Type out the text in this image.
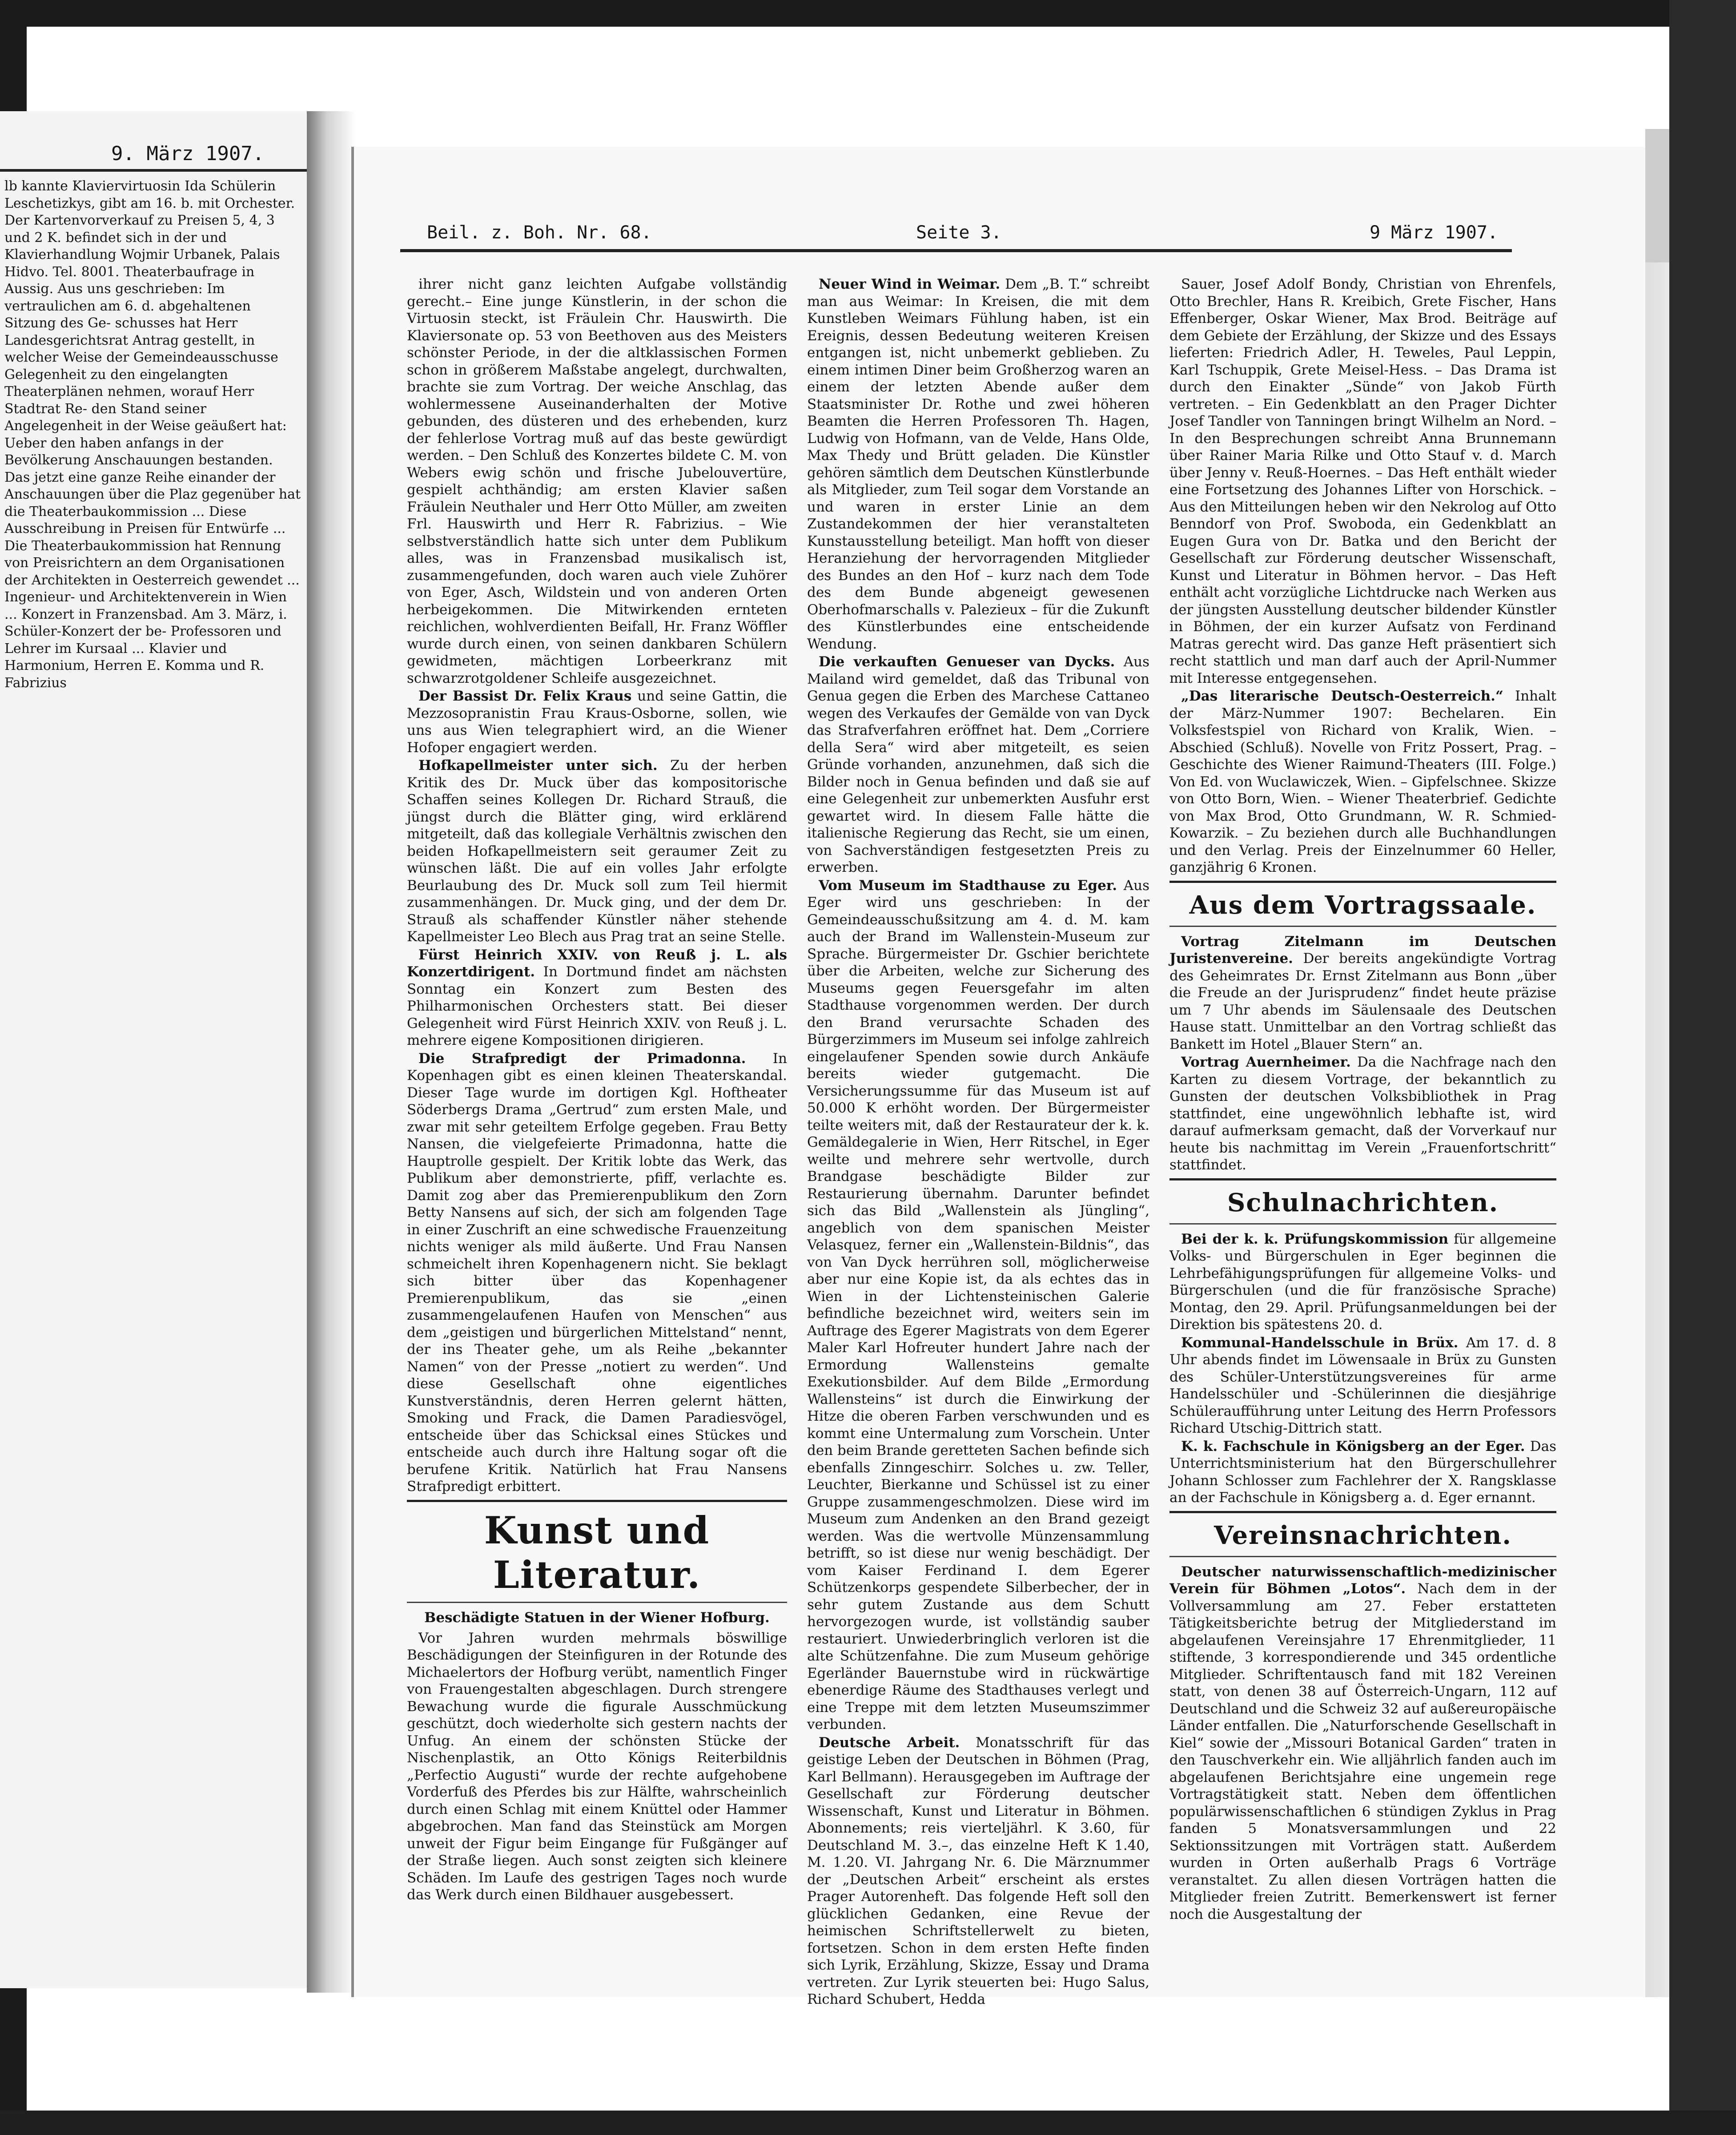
9. März 1907.
lb kannte Klaviervirtuosin Ida Schülerin Leschetizkys, gibt am 16. b. mit Orchester. Der Kartenvorverkauf zu Preisen 5, 4, 3 und 2 K. befindet sich in der und Klavierhandlung Wojmir Urbanek, Palais Hidvo. Tel. 8001. Theaterbaufrage in Aussig. Aus uns geschrieben: Im vertraulichen am 6. d. abgehaltenen Sitzung des Ge- schusses hat Herr Landesgerichtsrat Antrag gestellt, in welcher Weise der Gemeindeausschusse Gelegenheit zu den eingelangten Theaterplänen nehmen, worauf Herr Stadtrat Re- den Stand seiner Angelegenheit in der Weise geäußert hat: Ueber den haben anfangs in der Bevölkerung Anschauungen bestanden. Das jetzt eine ganze Reihe einander der Anschauungen über die Plaz gegenüber hat die Theaterbaukommission ... Diese Ausschreibung in Preisen für Entwürfe ... Die Theaterbaukommission hat Rennung von Preisrichtern an dem Organisationen der Architekten in Oesterreich gewendet ... Ingenieur- und Architektenverein in Wien ... Konzert in Franzensbad. Am 3. März, i. Schüler-Konzert der be- Professoren und Lehrer im Kursaal ... Klavier und Harmonium, Herren E. Komma und R. Fabrizius
Beil. z. Boh. Nr. 68.	Seite 3.	9 März 1907.

ihrer nicht ganz leichten Aufgabe vollständig gerecht.– Eine junge Künstlerin, in der schon die Virtuosin steckt, ist Fräulein Chr. Hauswirth. Die Klaviersonate op. 53 von Beethoven aus des Meisters schönster Periode, in der die altklassischen Formen schon in größerem Maßstabe angelegt, durchwalten, brachte sie zum Vortrag. Der weiche Anschlag, das wohlermessene Auseinanderhalten der Motive gebunden, des düsteren und des erhebenden, kurz der fehlerlose Vortrag muß auf das beste gewürdigt werden. – Den Schluß des Konzertes bildete C. M. von Webers ewig schön und frische Jubelouvertüre, gespielt achthändig; am ersten Klavier saßen Fräulein Neuthaler und Herr Otto Müller, am zweiten Frl. Hauswirth und Herr R. Fabrizius. – Wie selbstverständlich hatte sich unter dem Publikum alles, was in Franzensbad musikalisch ist, zusammengefunden, doch waren auch viele Zuhörer von Eger, Asch, Wildstein und von anderen Orten herbeigekommen. Die Mitwirkenden ernteten reichlichen, wohlverdienten Beifall, Hr. Franz Wöffler wurde durch einen, von seinen dankbaren Schülern gewidmeten, mächtigen Lorbeerkranz mit schwarzrotgoldener Schleife ausgezeichnet.

Der Bassist Dr. Felix Kraus und seine Gattin, die Mezzosopranistin Frau Kraus-Osborne, sollen, wie uns aus Wien telegraphiert wird, an die Wiener Hofoper engagiert werden.

Hofkapellmeister unter sich. Zu der herben Kritik des Dr. Muck über das kompositorische Schaffen seines Kollegen Dr. Richard Strauß, die jüngst durch die Blätter ging, wird erklärend mitgeteilt, daß das kollegiale Verhältnis zwischen den beiden Hofkapellmeistern seit geraumer Zeit zu wünschen läßt. Die auf ein volles Jahr erfolgte Beurlaubung des Dr. Muck soll zum Teil hiermit zusammenhängen. Dr. Muck ging, und der dem Dr. Strauß als schaffender Künstler näher stehende Kapellmeister Leo Blech aus Prag trat an seine Stelle.

Fürst Heinrich XXIV. von Reuß j. L. als Konzertdirigent. In Dortmund findet am nächsten Sonntag ein Konzert zum Besten des Philharmonischen Orchesters statt. Bei dieser Gelegenheit wird Fürst Heinrich XXIV. von Reuß j. L. mehrere eigene Kompositionen dirigieren.

Die Strafpredigt der Primadonna. In Kopenhagen gibt es einen kleinen Theaterskandal. Dieser Tage wurde im dortigen Kgl. Hoftheater Söderbergs Drama „Gertrud“ zum ersten Male, und zwar mit sehr geteiltem Erfolge gegeben. Frau Betty Nansen, die vielgefeierte Primadonna, hatte die Hauptrolle gespielt. Der Kritik lobte das Werk, das Publikum aber demonstrierte, pfiff, verlachte es. Damit zog aber das Premierenpublikum den Zorn Betty Nansens auf sich, der sich am folgenden Tage in einer Zuschrift an eine schwedische Frauenzeitung nichts weniger als mild äußerte. Und Frau Nansen schmeichelt ihren Kopenhagenern nicht. Sie beklagt sich bitter über das Kopenhagener Premierenpublikum, das sie „einen zusammengelaufenen Haufen von Menschen“ aus dem „geistigen und bürgerlichen Mittelstand“ nennt, der ins Theater gehe, um als Reihe „bekannter Namen“ von der Presse „notiert zu werden“. Und diese Gesellschaft ohne eigentliches Kunstverständnis, deren Herren gelernt hätten, Smoking und Frack, die Damen Paradiesvögel, entscheide über das Schicksal eines Stückes und entscheide auch durch ihre Haltung sogar oft die berufene Kritik. Natürlich hat Frau Nansens Strafpredigt erbittert.

Kunst und Literatur.
Beschädigte Statuen in der Wiener Hofburg.

Vor Jahren wurden mehrmals böswillige Beschädigungen der Steinfiguren in der Rotunde des Michaelertors der Hofburg verübt, namentlich Finger von Frauengestalten abgeschlagen. Durch strengere Bewachung wurde die figurale Ausschmückung geschützt, doch wiederholte sich gestern nachts der Unfug. An einem der schönsten Stücke der Nischenplastik, an Otto Königs Reiterbildnis „Perfectio Augusti“ wurde der rechte aufgehobene Vorderfuß des Pferdes bis zur Hälfte, wahrscheinlich durch einen Schlag mit einem Knüttel oder Hammer abgebrochen. Man fand das Steinstück am Morgen unweit der Figur beim Eingange für Fußgänger auf der Straße liegen. Auch sonst zeigten sich kleinere Schäden. Im Laufe des gestrigen Tages noch wurde das Werk durch einen Bildhauer ausgebessert.

Neuer Wind in Weimar. Dem „B. T.“ schreibt man aus Weimar: In Kreisen, die mit dem Kunstleben Weimars Fühlung haben, ist ein Ereignis, dessen Bedeutung weiteren Kreisen entgangen ist, nicht unbemerkt geblieben. Zu einem intimen Diner beim Großherzog waren an einem der letzten Abende außer dem Staatsminister Dr. Rothe und zwei höheren Beamten die Herren Professoren Th. Hagen, Ludwig von Hofmann, van de Velde, Hans Olde, Max Thedy und Brütt geladen. Die Künstler gehören sämtlich dem Deutschen Künstlerbunde als Mitglieder, zum Teil sogar dem Vorstande an und waren in erster Linie an dem Zustandekommen der hier veranstalteten Kunstausstellung beteiligt. Man hofft von dieser Heranziehung der hervorragenden Mitglieder des Bundes an den Hof – kurz nach dem Tode des dem Bunde abgeneigt gewesenen Oberhofmarschalls v. Palezieux – für die Zukunft des Künstlerbundes eine entscheidende Wendung.

Die verkauften Genueser van Dycks. Aus Mailand wird gemeldet, daß das Tribunal von Genua gegen die Erben des Marchese Cattaneo wegen des Verkaufes der Gemälde von van Dyck das Strafverfahren eröffnet hat. Dem „Corriere della Sera“ wird aber mitgeteilt, es seien Gründe vorhanden, anzunehmen, daß sich die Bilder noch in Genua befinden und daß sie auf eine Gelegenheit zur unbemerkten Ausfuhr erst gewartet wird. In diesem Falle hätte die italienische Regierung das Recht, sie um einen, von Sachverständigen festgesetzten Preis zu erwerben.

Vom Museum im Stadthause zu Eger. Aus Eger wird uns geschrieben: In der Gemeindeausschußsitzung am 4. d. M. kam auch der Brand im Wallenstein-Museum zur Sprache. Bürgermeister Dr. Gschier berichtete über die Arbeiten, welche zur Sicherung des Museums gegen Feuersgefahr im alten Stadthause vorgenommen werden. Der durch den Brand verursachte Schaden des Bürgerzimmers im Museum sei infolge zahlreich eingelaufener Spenden sowie durch Ankäufe bereits wieder gutgemacht. Die Versicherungssumme für das Museum ist auf 50.000 K erhöht worden. Der Bürgermeister teilte weiters mit, daß der Restaurateur der k. k. Gemäldegalerie in Wien, Herr Ritschel, in Eger weilte und mehrere sehr wertvolle, durch Brandgase beschädigte Bilder zur Restaurierung übernahm. Darunter befindet sich das Bild „Wallenstein als Jüngling“, angeblich von dem spanischen Meister Velasquez, ferner ein „Wallenstein-Bildnis“, das von Van Dyck herrühren soll, möglicherweise aber nur eine Kopie ist, da als echtes das in Wien in der Lichtensteinischen Galerie befindliche bezeichnet wird, weiters sein im Auftrage des Egerer Magistrats von dem Egerer Maler Karl Hofreuter hundert Jahre nach der Ermordung Wallensteins gemalte Exekutionsbilder. Auf dem Bilde „Ermordung Wallensteins“ ist durch die Einwirkung der Hitze die oberen Farben verschwunden und es kommt eine Untermalung zum Vorschein. Unter den beim Brande geretteten Sachen befinde sich ebenfalls Zinngeschirr. Solches u. zw. Teller, Leuchter, Bierkanne und Schüssel ist zu einer Gruppe zusammengeschmolzen. Diese wird im Museum zum Andenken an den Brand gezeigt werden. Was die wertvolle Münzensammlung betrifft, so ist diese nur wenig beschädigt. Der vom Kaiser Ferdinand I. dem Egerer Schützenkorps gespendete Silberbecher, der in sehr gutem Zustande aus dem Schutt hervorgezogen wurde, ist vollständig sauber restauriert. Unwiederbringlich verloren ist die alte Schützenfahne. Die zum Museum gehörige Egerländer Bauernstube wird in rückwärtige ebenerdige Räume des Stadthauses verlegt und eine Treppe mit dem letzten Museumszimmer verbunden.

Deutsche Arbeit. Monatsschrift für das geistige Leben der Deutschen in Böhmen (Prag, Karl Bellmann). Herausgegeben im Auftrage der Gesellschaft zur Förderung deutscher Wissenschaft, Kunst und Literatur in Böhmen. Abonnements; reis vierteljährl. K 3.60, für Deutschland M. 3.–, das einzelne Heft K 1.40, M. 1.20. VI. Jahrgang Nr. 6. Die Märznummer der „Deutschen Arbeit“ erscheint als erstes Prager Autorenheft. Das folgende Heft soll den glücklichen Gedanken, eine Revue der heimischen Schriftstellerwelt zu bieten, fortsetzen. Schon in dem ersten Hefte finden sich Lyrik, Erzählung, Skizze, Essay und Drama vertreten. Zur Lyrik steuerten bei: Hugo Salus, Richard Schubert, Hedda

Sauer, Josef Adolf Bondy, Christian von Ehrenfels, Otto Brechler, Hans R. Kreibich, Grete Fischer, Hans Effenberger, Oskar Wiener, Max Brod. Beiträge auf dem Gebiete der Erzählung, der Skizze und des Essays lieferten: Friedrich Adler, H. Teweles, Paul Leppin, Karl Tschuppik, Grete Meisel-Hess. – Das Drama ist durch den Einakter „Sünde“ von Jakob Fürth vertreten. – Ein Gedenkblatt an den Prager Dichter Josef Tandler von Tanningen bringt Wilhelm an Nord. – In den Besprechungen schreibt Anna Brunnemann über Rainer Maria Rilke und Otto Stauf v. d. March über Jenny v. Reuß-Hoernes. – Das Heft enthält wieder eine Fortsetzung des Johannes Lifter von Horschick. – Aus den Mitteilungen heben wir den Nekrolog auf Otto Benndorf von Prof. Swoboda, ein Gedenkblatt an Eugen Gura von Dr. Batka und den Bericht der Gesellschaft zur Förderung deutscher Wissenschaft, Kunst und Literatur in Böhmen hervor. – Das Heft enthält acht vorzügliche Lichtdrucke nach Werken aus der jüngsten Ausstellung deutscher bildender Künstler in Böhmen, der ein kurzer Aufsatz von Ferdinand Matras gerecht wird. Das ganze Heft präsentiert sich recht stattlich und man darf auch der April-Nummer mit Interesse entgegensehen.

„Das literarische Deutsch-Oesterreich.“ Inhalt der März-Nummer 1907: Bechelaren. Ein Volksfestspiel von Richard von Kralik, Wien. – Abschied (Schluß). Novelle von Fritz Possert, Prag. – Geschichte des Wiener Raimund-Theaters (III. Folge.) Von Ed. von Wuclawiczek, Wien. – Gipfelschnee. Skizze von Otto Born, Wien. – Wiener Theaterbrief. Gedichte von Max Brod, Otto Grundmann, W. R. Schmied-Kowarzik. – Zu beziehen durch alle Buchhandlungen und den Verlag. Preis der Einzelnummer 60 Heller, ganzjährig 6 Kronen.

Aus dem Vortragssaale.

Vortrag Zitelmann im Deutschen Juristenvereine. Der bereits angekündigte Vortrag des Geheimrates Dr. Ernst Zitelmann aus Bonn „über die Freude an der Jurisprudenz“ findet heute präzise um 7 Uhr abends im Säulensaale des Deutschen Hause statt. Unmittelbar an den Vortrag schließt das Bankett im Hotel „Blauer Stern“ an.

Vortrag Auernheimer. Da die Nachfrage nach den Karten zu diesem Vortrage, der bekanntlich zu Gunsten der deutschen Volksbibliothek in Prag stattfindet, eine ungewöhnlich lebhafte ist, wird darauf aufmerksam gemacht, daß der Vorverkauf nur heute bis nachmittag im Verein „Frauenfortschritt“ stattfindet.

Schulnachrichten.

Bei der k. k. Prüfungskommission für allgemeine Volks- und Bürgerschulen in Eger beginnen die Lehrbefähigungsprüfungen für allgemeine Volks- und Bürgerschulen (und die für französische Sprache) Montag, den 29. April. Prüfungsanmeldungen bei der Direktion bis spätestens 20. d.

Kommunal-Handelsschule in Brüx. Am 17. d. 8 Uhr abends findet im Löwensaale in Brüx zu Gunsten des Schüler-Unterstützungsvereines für arme Handelsschüler und -Schülerinnen die diesjährige Schüleraufführung unter Leitung des Herrn Professors Richard Utschig-Dittrich statt.

K. k. Fachschule in Königsberg an der Eger. Das Unterrichtsministerium hat den Bürgerschullehrer Johann Schlosser zum Fachlehrer der X. Rangsklasse an der Fachschule in Königsberg a. d. Eger ernannt.

Vereinsnachrichten.

Deutscher naturwissenschaftlich-medizinischer Verein für Böhmen „Lotos“. Nach dem in der Vollversammlung am 27. Feber erstatteten Tätigkeitsberichte betrug der Mitgliederstand im abgelaufenen Vereinsjahre 17 Ehrenmitglieder, 11 stiftende, 3 korrespondierende und 345 ordentliche Mitglieder. Schriftentausch fand mit 182 Vereinen statt, von denen 38 auf Österreich-Ungarn, 112 auf Deutschland und die Schweiz 32 auf außereuropäische Länder entfallen. Die „Naturforschende Gesellschaft in Kiel“ sowie der „Missouri Botanical Garden“ traten in den Tauschverkehr ein. Wie alljährlich fanden auch im abgelaufenen Berichtsjahre eine ungemein rege Vortragstätigkeit statt. Neben dem öffentlichen populärwissenschaftlichen 6 stündigen Zyklus in Prag fanden 5 Monatsversammlungen und 22 Sektionssitzungen mit Vorträgen statt. Außerdem wurden in Orten außerhalb Prags 6 Vorträge veranstaltet. Zu allen diesen Vorträgen hatten die Mitglieder freien Zutritt. Bemerkenswert ist ferner noch die Ausgestaltung der
